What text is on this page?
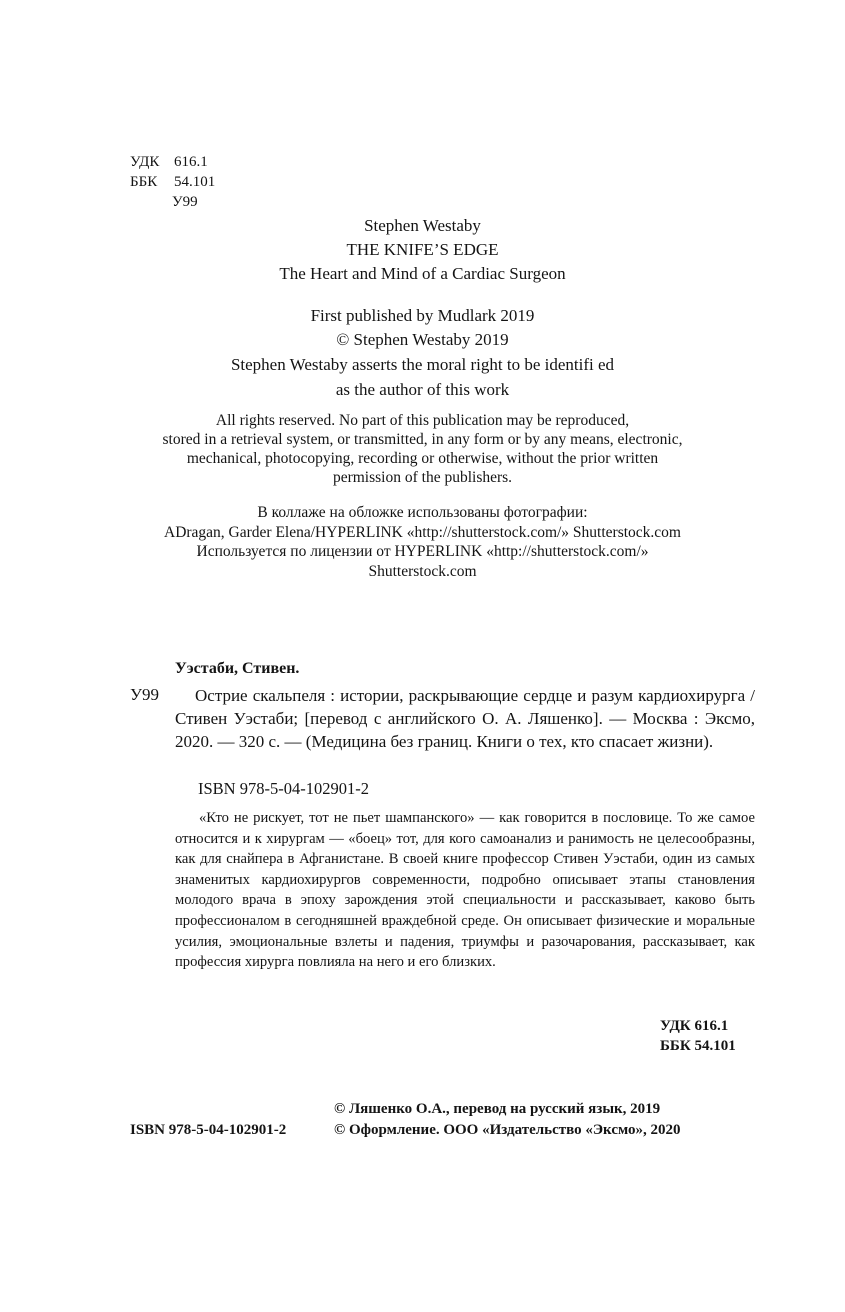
УДК 616.1
ББК	54.101
У99
Stephen Westaby
THE KNIFE’S EDGE
The Heart and Mind of a Cardiac Surgeon
First published by Mudlark 2019
© Stephen Westaby 2019
Stephen Westaby asserts the moral right to be identifi ed
as the author of this work
All rights reserved. No part of this publication may be reproduced,
stored in a retrieval system, or transmitted, in any form or by any means, electronic,
mechanical, photocopying, recording or otherwise, without the prior written
permission of the publishers.
В коллаже на обложке использованы фотографии:
ADragan, Garder Elena/HYPERLINK «http://shutterstock.com/» Shutterstock.com
Используется по лицензии от HYPERLINK «http://shutterstock.com/»
Shutterstock.com
Уэстаби, Стивен.
У99	Острие скальпеля : истории, раскрывающие сердце и разум кардиохирурга / Стивен Уэстаби; [перевод с английского О. А. Ляшенко]. — Москва : Эксмо, 2020. — 320 с. — (Медицина без границ. Книги о тех, кто спасает жизни).
ISBN 978-5-04-102901-2
«Кто не рискует, тот не пьет шампанского» — как говорится в пословице. То же самое относится и к хирургам — «боец» тот, для кого самоанализ и ранимость не целесообразны, как для снайпера в Афганистане. В своей книге профессор Стивен Уэстаби, один из самых знаменитых кардиохирургов современности, подробно описывает этапы становления молодого врача в эпоху зарождения этой специальности и рассказывает, каково быть профессионалом в сегодняшней враждебной среде. Он описывает физические и моральные усилия, эмоциональные взлеты и падения, триумфы и разочарования, рассказывает, как профессия хирурга повлияла на него и его близких.
УДК 616.1
ББК 54.101
© Ляшенко О.А., перевод на русский язык, 2019
ISBN 978-5-04-102901-2	© Оформление. ООО «Издательство «Эксмо», 2020
